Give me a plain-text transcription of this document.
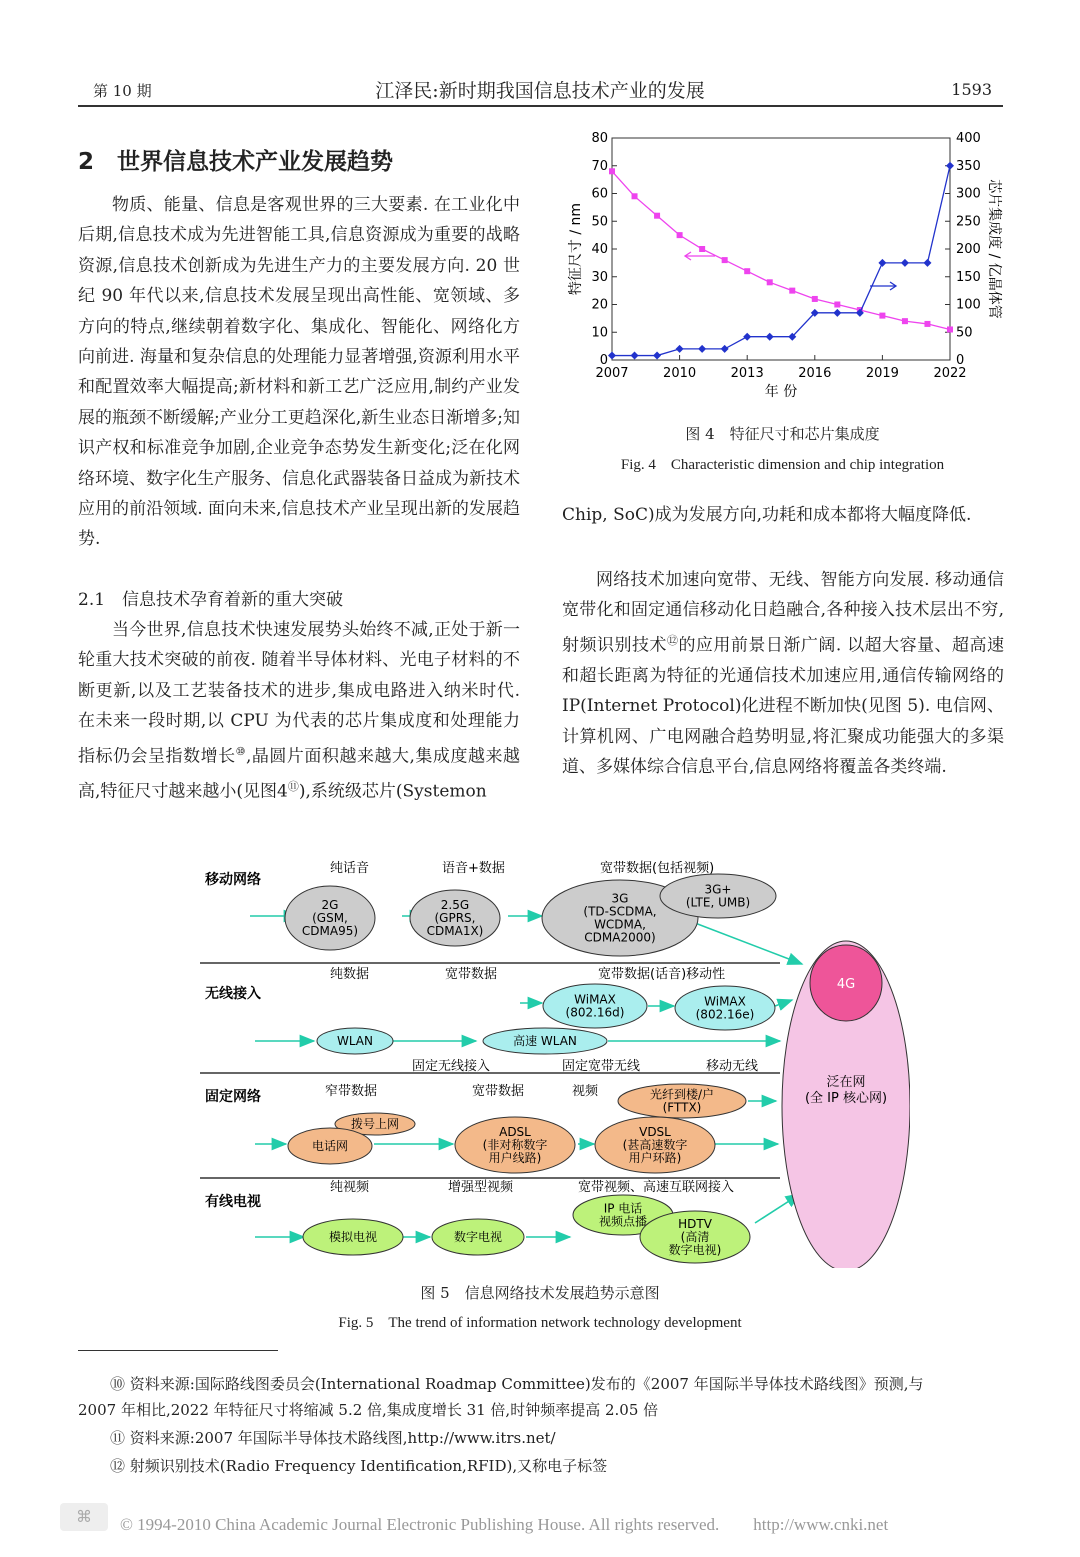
第 10 期	江泽民:新时期我国信息技术产业的发展	1593
2　世界信息技术产业发展趋势

物质、能量、信息是客观世界的三大要素. 在工业化中后期,信息技术成为先进智能工具,信息资源成为重要的战略资源,信息技术创新成为先进生产力的主要发展方向. 20 世纪 90 年代以来,信息技术发展呈现出高性能、宽领域、多方向的特点,继续朝着数字化、集成化、智能化、网络化方向前进. 海量和复杂信息的处理能力显著增强,资源利用水平和配置效率大幅提高;新材料和新工艺广泛应用,制约产业发展的瓶颈不断缓解;产业分工更趋深化,新生业态日渐增多;知识产权和标准竞争加剧,企业竞争态势发生新变化;泛在化网络环境、数字化生产服务、信息化武器装备日益成为新技术应用的前沿领域. 面向未来,信息技术产业呈现出新的发展趋势.

2.1　信息技术孕育着新的重大突破

当今世界,信息技术快速发展势头始终不减,正处于新一轮重大技术突破的前夜. 随着半导体材料、光电子材料的不断更新,以及工艺装备技术的进步,集成电路进入纳米时代. 在未来一段时期,以 CPU 为代表的芯片集成度和处理能力指标仍会呈指数增长⑩,晶圆片面积越来越大,集成度越来越高,特征尺寸越来越小(见图4⑪),系统级芯片(Systemon

0
10
20
30
40
50
60
70
80
0
50
100
150
200
250
300
350
400
2007	2010	2013	2016	2019	2022
年 份
特征尺寸 / nm	芯片集成度 / 亿晶体管
图 4　特征尺寸和芯片集成度
Fig. 4　Characteristic dimension and chip integration

Chip, SoC)成为发展方向,功耗和成本都将大幅度降低.

网络技术加速向宽带、无线、智能方向发展. 移动通信宽带化和固定通信移动化日趋融合,各种接入技术层出不穷,射频识别技术⑫的应用前景日渐广阔. 以超大容量、超高速和超长距离为特征的光通信技术加速应用,通信传输网络的 IP(Internet Protocol)化进程不断加快(见图 5). 电信网、计算机网、广电网融合趋势明显,将汇聚成功能强大的多渠道、多媒体综合信息平台,信息网络将覆盖各类终端.

移动网络
无线接入
固定网络
有线电视
纯话音	语音+数据	宽带数据(包括视频)
纯数据	宽带数据	宽带数据(话音)移动性
固定无线接入	固定宽带无线	移动无线
窄带数据	宽带数据	视频
纯视频	增强型视频	宽带视频、高速互联网接入
4G
泛在网
(全 IP 核心网)
2G
(GSM,
CDMA95)
2.5G
(GPRS,
CDMA1X)
3G
(TD-SCDMA,
WCDMA,
CDMA2000)
3G+
(LTE, UMB)
WiMAX
(802.16d)
WiMAX
(802.16e)
WLAN	高速 WLAN
光纤到楼/户
(FTTX)
拨号上网
电话网
ADSL
(非对称数字
用户线路)
VDSL
(甚高速数字
用户环路)
模拟电视	数字电视
IP 电话
视频点播	HDTV
(高清
数字电视)
图 5　信息网络技术发展趋势示意图
Fig. 5　The trend of information network technology development
⑩ 资料来源:国际路线图委员会(International Roadmap Committee)发布的《2007 年国际半导体技术路线图》预测,与
2007 年相比,2022 年特征尺寸将缩减 5.2 倍,集成度增长 31 倍,时钟频率提高 2.05 倍
⑪ 资料来源:2007 年国际半导体技术路线图,http://www.itrs.net/
⑫ 射频识别技术(Radio Frequency Identification,RFID),又称电子标签
⌘	© 1994-2010 China Academic Journal Electronic Publishing House. All rights reserved.　　http://www.cnki.net
